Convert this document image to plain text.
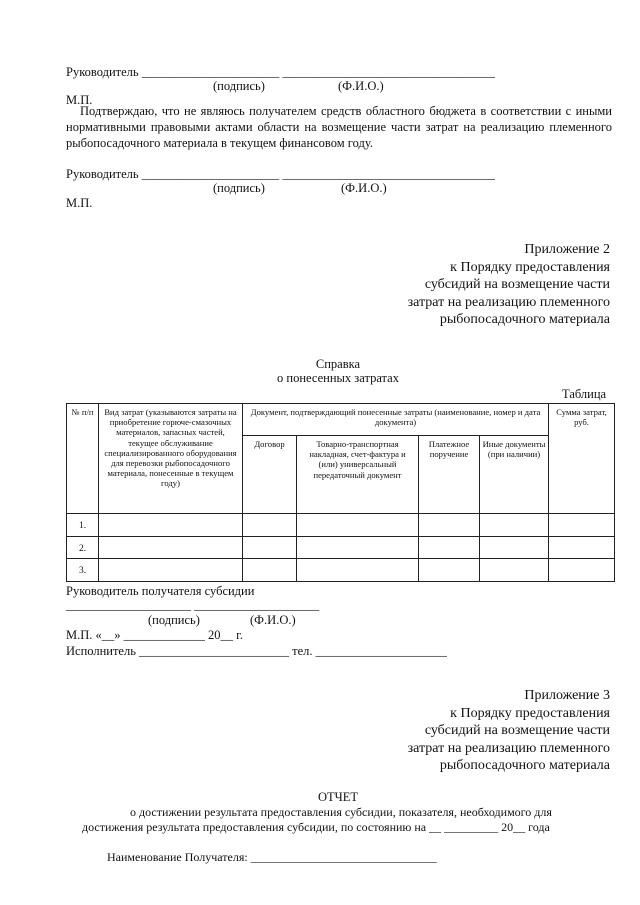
Руководитель ______________________ __________________________________
(подпись)	(Ф.И.О.)
М.П.
Подтверждаю, что не являюсь получателем средств областного бюджета в соответствии с иными нормативными правовыми актами области на возмещение части затрат на реализацию племенного рыбопосадочного материала в текущем финансовом году.
Руководитель ______________________ __________________________________
(подпись)	(Ф.И.О.)
М.П.
Приложение 2
к Порядку предоставления
субсидий на возмещение части
затрат на реализацию племенного
рыбопосадочного материала
Справка
о понесенных затратах
Таблица
№ п/п	Вид затрат (указываются затраты на приобретение горюче-смазочных материалов, запасных частей, текущее обслуживание специализированного оборудования для перевозки рыбопосадочного материала, понесенные в текущем году)	Документ, подтверждающий понесенные затраты (наименование, номер и дата документа)				Сумма затрат, руб.
		Договор	Товарно-транспортная накладная, счет-фактура и (или) универсальный передаточный документ	Платежное поручение	Иные документы (при наличии)	
1.						
2.						
3.						
Руководитель получателя субсидии
____________________ ____________________
(подпись)	(Ф.И.О.)
М.П. «__» _____________ 20__ г.
Исполнитель ________________________ тел. _____________________
Приложение 3
к Порядку предоставления
субсидий на возмещение части
затрат на реализацию племенного
рыбопосадочного материала
ОТЧЕТ
о достижении результата предоставления субсидии, показателя, необходимого для
достижения результата предоставления субсидии, по состоянию на __ _________ 20__ года
Наименование Получателя: _______________________________
